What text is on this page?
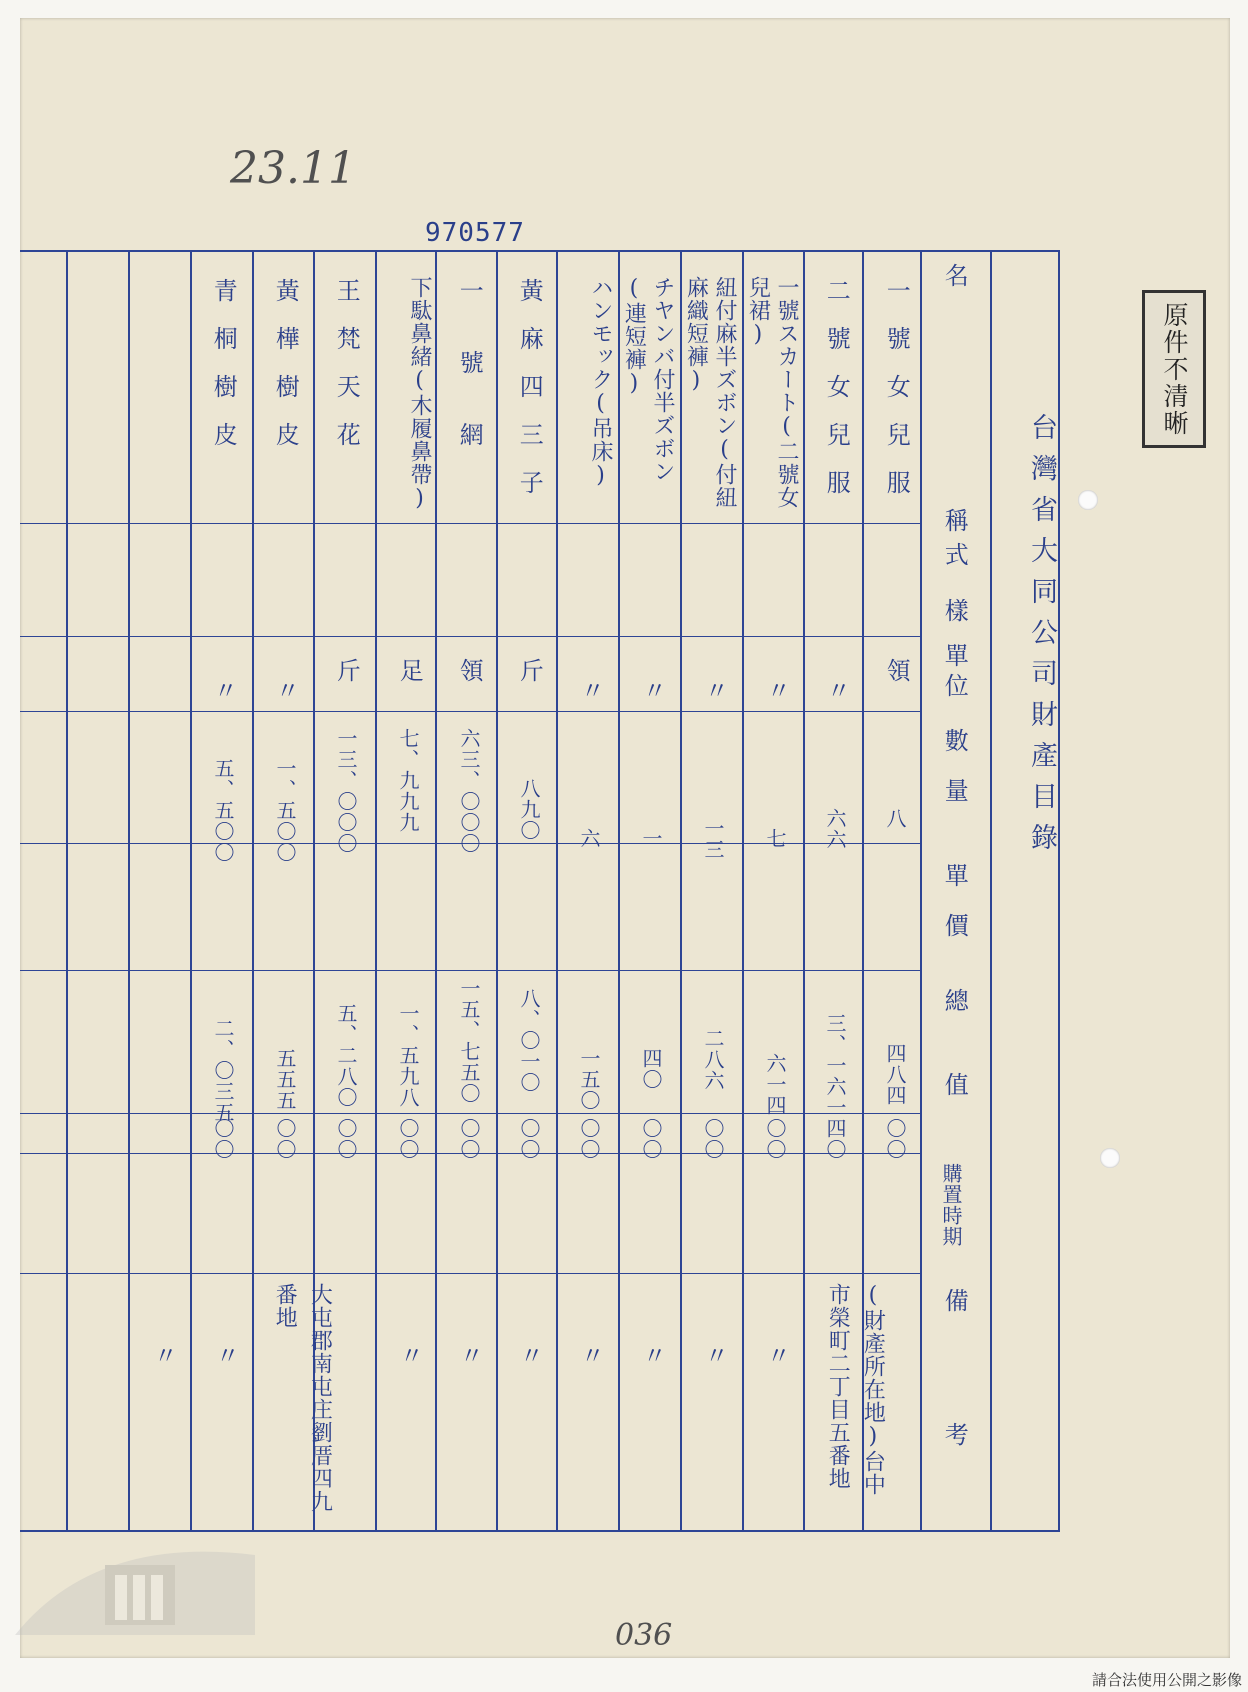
23.11
970577
原件不清晰
台灣省大同公司財產目錄
名
稱式
樣
單位
數量
單價
總值
購置時期
備考
一號女兒服
領
八
四八四
〇〇
(財產所在地)台中市榮町二丁目五番地
二號女兒服
〃
六六
三、一六一
四〇
一號スカート(二號女兒裙)
〃
七
六一四
〇〇
〃
紐付麻半ズボン(付紐麻織短褲)
〃
一三
二八六
〇〇
〃
チヤンバ付半ズボン(連短褲)
〃
一
四〇
〇〇
〃
ハンモック(吊床)
〃
六
一五〇
〇〇
〃
黃麻四三子
斤
八九〇
八、〇一〇
〇〇
〃
一號網
領
六三、〇〇〇
一五、七五〇
〇〇
〃
下駄鼻緒(木履鼻帶)
足
七、九九九
一、五九八
〇〇
〃
王梵天花
斤
一三、〇〇〇
五、二八〇
〇〇
大屯郡南屯庄劉厝四九番地
黃樺樹皮
〃
一、五〇〇
五五五
〇〇
〃
青桐樹皮
〃
五、五〇〇
二、〇三五
〇〇
〃
036
請合法使用公開之影像
